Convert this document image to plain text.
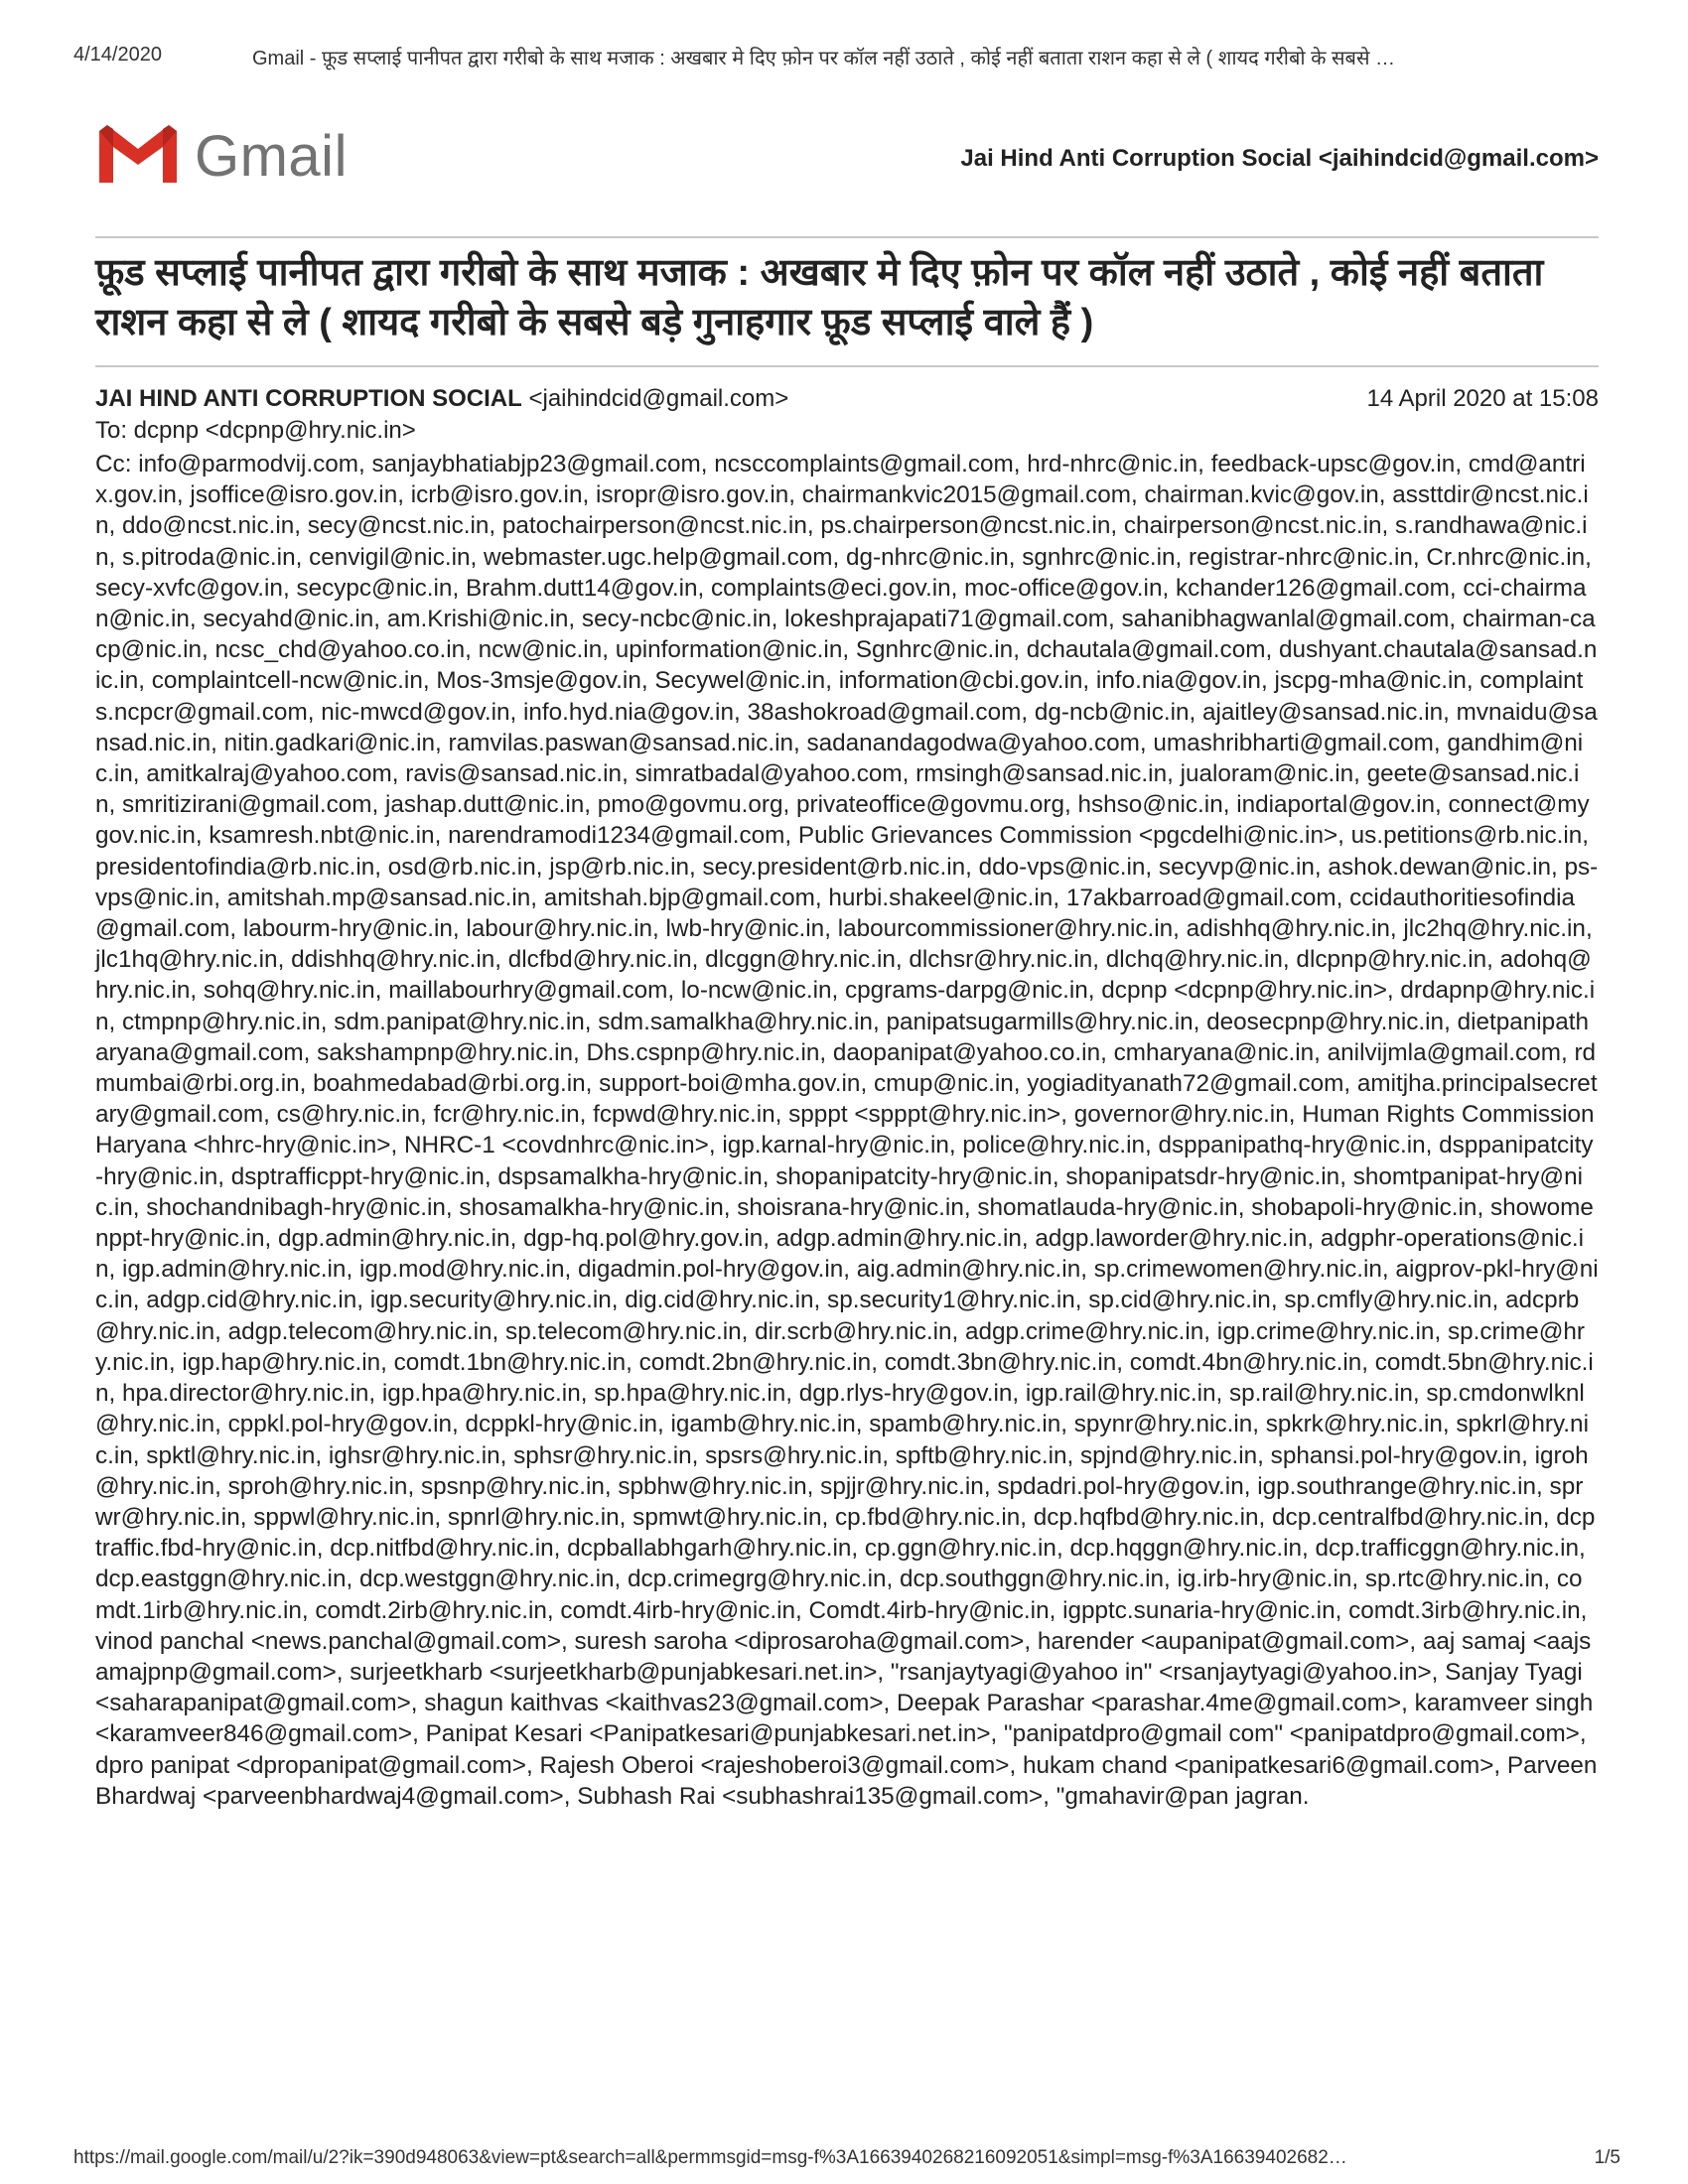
4/14/2020	Gmail - फ़ूड सप्लाई पानीपत द्वारा गरीबो के साथ मजाक : अखबार मे दिए फ़ोन पर कॉल नहीं उठाते , कोई नहीं बताता राशन कहा से ले ( शायद गरीबो के सबसे …
Gmail	Jai Hind Anti Corruption Social <jaihindcid@gmail.com>
फ़ूड सप्लाई पानीपत द्वारा गरीबो के साथ मजाक : अखबार मे दिए फ़ोन पर कॉल नहीं उठाते , कोई नहीं बताता राशन कहा से ले ( शायद गरीबो के सबसे बड़े गुनाहगार फ़ूड सप्लाई वाले हैं )
JAI HIND ANTI CORRUPTION SOCIAL <jaihindcid@gmail.com>	14 April 2020 at 15:08
To: dcpnp <dcpnp@hry.nic.in>
Cc: info@parmodvij.com, sanjaybhatiabjp23@gmail.com, ncsccomplaints@gmail.com, hrd-nhrc@nic.in, feedback-upsc@gov.in, cmd@antrix.gov.in, jsoffice@isro.gov.in, icrb@isro.gov.in, isropr@isro.gov.in, chairmankvic2015@gmail.com, chairman.kvic@gov.in, assttdir@ncst.nic.in, ddo@ncst.nic.in, secy@ncst.nic.in, patochairperson@ncst.nic.in, ps.chairperson@ncst.nic.in, chairperson@ncst.nic.in, s.randhawa@nic.in, s.pitroda@nic.in, cenvigil@nic.in, webmaster.ugc.help@gmail.com, dg-nhrc@nic.in, sgnhrc@nic.in, registrar-nhrc@nic.in, Cr.nhrc@nic.in, secy-xvfc@gov.in, secypc@nic.in, Brahm.dutt14@gov.in, complaints@eci.gov.in, moc-office@gov.in, kchander126@gmail.com, cci-chairman@nic.in, secyahd@nic.in, am.Krishi@nic.in, secy-ncbc@nic.in, lokeshprajapati71@gmail.com, sahanibhagwanlal@gmail.com, chairman-cacp@nic.in, ncsc_chd@yahoo.co.in, ncw@nic.in, upinformation@nic.in, Sgnhrc@nic.in, dchautala@gmail.com, dushyant.chautala@sansad.nic.in, complaintcell-ncw@nic.in, Mos-3msje@gov.in, Secywel@nic.in, information@cbi.gov.in, info.nia@gov.in, jscpg-mha@nic.in, complaints.ncpcr@gmail.com, nic-mwcd@gov.in, info.hyd.nia@gov.in, 38ashokroad@gmail.com, dg-ncb@nic.in, ajaitley@sansad.nic.in, mvnaidu@sansad.nic.in, nitin.gadkari@nic.in, ramvilas.paswan@sansad.nic.in, sadanandagodwa@yahoo.com, umashribharti@gmail.com, gandhim@nic.in, amitkalraj@yahoo.com, ravis@sansad.nic.in, simratbadal@yahoo.com, rmsingh@sansad.nic.in, jualoram@nic.in, geete@sansad.nic.in, smritizirani@gmail.com, jashap.dutt@nic.in, pmo@govmu.org, privateoffice@govmu.org, hshso@nic.in, indiaportal@gov.in, connect@mygov.nic.in, ksamresh.nbt@nic.in, narendramodi1234@gmail.com, Public Grievances Commission <pgcdelhi@nic.in>, us.petitions@rb.nic.in, presidentofindia@rb.nic.in, osd@rb.nic.in, jsp@rb.nic.in, secy.president@rb.nic.in, ddo-vps@nic.in, secyvp@nic.in, ashok.dewan@nic.in, ps-vps@nic.in, amitshah.mp@sansad.nic.in, amitshah.bjp@gmail.com, hurbi.shakeel@nic.in, 17akbarroad@gmail.com, ccidauthoritiesofindia@gmail.com, labourm-hry@nic.in, labour@hry.nic.in, lwb-hry@nic.in, labourcommissioner@hry.nic.in, adishhq@hry.nic.in, jlc2hq@hry.nic.in, jlc1hq@hry.nic.in, ddishhq@hry.nic.in, dlcfbd@hry.nic.in, dlcggn@hry.nic.in, dlchsr@hry.nic.in, dlchq@hry.nic.in, dlcpnp@hry.nic.in, adohq@hry.nic.in, sohq@hry.nic.in, maillabourhry@gmail.com, lo-ncw@nic.in, cpgrams-darpg@nic.in, dcpnp <dcpnp@hry.nic.in>, drdapnp@hry.nic.in, ctmpnp@hry.nic.in, sdm.panipat@hry.nic.in, sdm.samalkha@hry.nic.in, panipatsugarmills@hry.nic.in, deosecpnp@hry.nic.in, dietpanipatharyana@gmail.com, sakshampnp@hry.nic.in, Dhs.cspnp@hry.nic.in, daopanipat@yahoo.co.in, cmharyana@nic.in, anilvijmla@gmail.com, rdmumbai@rbi.org.in, boahmedabad@rbi.org.in, support-boi@mha.gov.in, cmup@nic.in, yogiadityanath72@gmail.com, amitjha.principalsecretary@gmail.com, cs@hry.nic.in, fcr@hry.nic.in, fcpwd@hry.nic.in, spppt <spppt@hry.nic.in>, governor@hry.nic.in, Human Rights Commission Haryana <hhrc-hry@nic.in>, NHRC-1 <covdnhrc@nic.in>, igp.karnal-hry@nic.in, police@hry.nic.in, dsppanipathq-hry@nic.in, dsppanipatcity-hry@nic.in, dsptrafficppt-hry@nic.in, dspsamalkha-hry@nic.in, shopanipatcity-hry@nic.in, shopanipatsdr-hry@nic.in, shomtpanipat-hry@nic.in, shochandnibagh-hry@nic.in, shosamalkha-hry@nic.in, shoisrana-hry@nic.in, shomatlauda-hry@nic.in, shobapoli-hry@nic.in, showomenppt-hry@nic.in, dgp.admin@hry.nic.in, dgp-hq.pol@hry.gov.in, adgp.admin@hry.nic.in, adgp.laworder@hry.nic.in, adgphr-operations@nic.in, igp.admin@hry.nic.in, igp.mod@hry.nic.in, digadmin.pol-hry@gov.in, aig.admin@hry.nic.in, sp.crimewomen@hry.nic.in, aigprov-pkl-hry@nic.in, adgp.cid@hry.nic.in, igp.security@hry.nic.in, dig.cid@hry.nic.in, sp.security1@hry.nic.in, sp.cid@hry.nic.in, sp.cmfly@hry.nic.in, adcprb@hry.nic.in, adgp.telecom@hry.nic.in, sp.telecom@hry.nic.in, dir.scrb@hry.nic.in, adgp.crime@hry.nic.in, igp.crime@hry.nic.in, sp.crime@hry.nic.in, igp.hap@hry.nic.in, comdt.1bn@hry.nic.in, comdt.2bn@hry.nic.in, comdt.3bn@hry.nic.in, comdt.4bn@hry.nic.in, comdt.5bn@hry.nic.in, hpa.director@hry.nic.in, igp.hpa@hry.nic.in, sp.hpa@hry.nic.in, dgp.rlys-hry@gov.in, igp.rail@hry.nic.in, sp.rail@hry.nic.in, sp.cmdonwlknl@hry.nic.in, cppkl.pol-hry@gov.in, dcppkl-hry@nic.in, igamb@hry.nic.in, spamb@hry.nic.in, spynr@hry.nic.in, spkrk@hry.nic.in, spkrl@hry.nic.in, spktl@hry.nic.in, ighsr@hry.nic.in, sphsr@hry.nic.in, spsrs@hry.nic.in, spftb@hry.nic.in, spjnd@hry.nic.in, sphansi.pol-hry@gov.in, igroh@hry.nic.in, sproh@hry.nic.in, spsnp@hry.nic.in, spbhw@hry.nic.in, spjjr@hry.nic.in, spdadri.pol-hry@gov.in, igp.southrange@hry.nic.in, sprwr@hry.nic.in, sppwl@hry.nic.in, spnrl@hry.nic.in, spmwt@hry.nic.in, cp.fbd@hry.nic.in, dcp.hqfbd@hry.nic.in, dcp.centralfbd@hry.nic.in, dcptraffic.fbd-hry@nic.in, dcp.nitfbd@hry.nic.in, dcpballabhgarh@hry.nic.in, cp.ggn@hry.nic.in, dcp.hqggn@hry.nic.in, dcp.trafficggn@hry.nic.in, dcp.eastggn@hry.nic.in, dcp.westggn@hry.nic.in, dcp.crimegrg@hry.nic.in, dcp.southggn@hry.nic.in, ig.irb-hry@nic.in, sp.rtc@hry.nic.in, comdt.1irb@hry.nic.in, comdt.2irb@hry.nic.in, comdt.4irb-hry@nic.in, Comdt.4irb-hry@nic.in, igpptc.sunaria-hry@nic.in, comdt.3irb@hry.nic.in, vinod panchal <news.panchal@gmail.com>, suresh saroha <diprosaroha@gmail.com>, harender <aupanipat@gmail.com>, aaj samaj <aajsamajpnp@gmail.com>, surjeetkharb <surjeetkharb@punjabkesari.net.in>, "rsanjaytyagi@yahoo in" <rsanjaytyagi@yahoo.in>, Sanjay Tyagi <saharapanipat@gmail.com>, shagun kaithvas <kaithvas23@gmail.com>, Deepak Parashar <parashar.4me@gmail.com>, karamveer singh <karamveer846@gmail.com>, Panipat Kesari <Panipatkesari@punjabkesari.net.in>, "panipatdpro@gmail com" <panipatdpro@gmail.com>, dpro panipat <dpropanipat@gmail.com>, Rajesh Oberoi <rajeshoberoi3@gmail.com>, hukam chand <panipatkesari6@gmail.com>, Parveen Bhardwaj <parveenbhardwaj4@gmail.com>, Subhash Rai <subhashrai135@gmail.com>, "gmahavir@pan jagran.
https://mail.google.com/mail/u/2?ik=390d948063&view=pt&search=all&permmsgid=msg-f%3A1663940268216092051&simpl=msg-f%3A16639402682…	1/5
